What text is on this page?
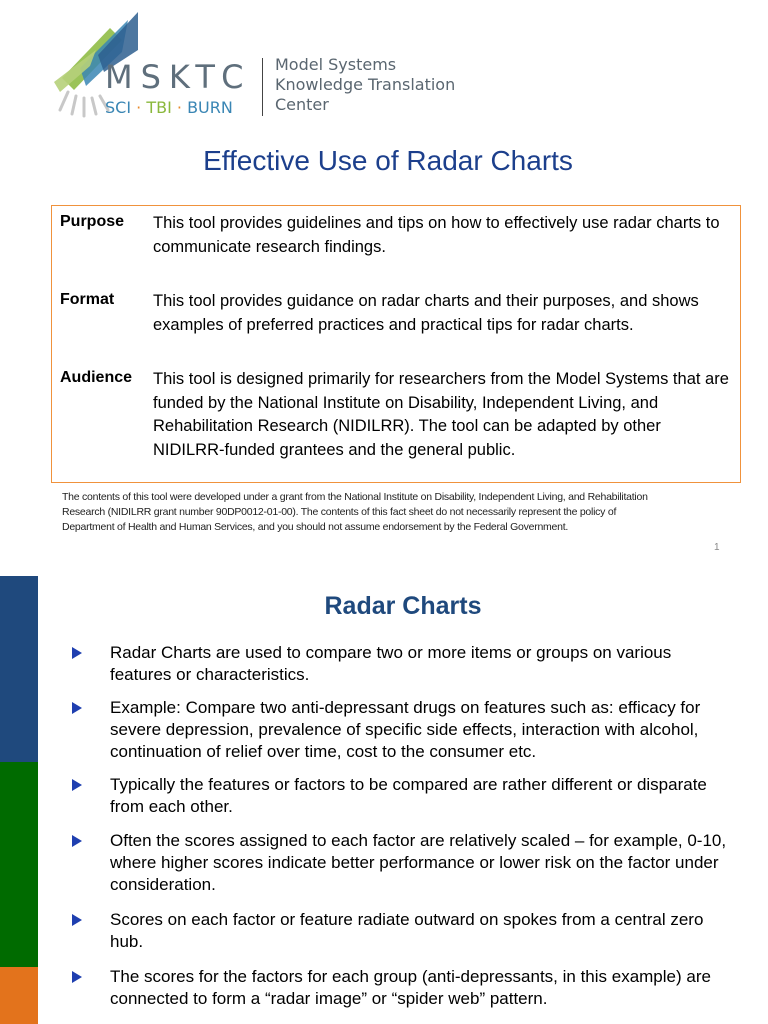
MSKTC
SCI · TBI · BURN
Model Systems
Knowledge Translation
Center
Effective Use of Radar Charts
Purpose This tool provides guidelines and tips on how to effectively use radar charts to communicate research findings.
Format This tool provides guidance on radar charts and their purposes, and shows examples of preferred practices and practical tips for radar charts.
Audience This tool is designed primarily for researchers from the Model Systems that are funded by the National Institute on Disability, Independent Living, and Rehabilitation Research (NIDILRR). The tool can be adapted by other NIDILRR-funded grantees and the general public.
The contents of this tool were developed under a grant from the National Institute on Disability, Independent Living, and Rehabilitation
Research (NIDILRR grant number 90DP0012-01-00). The contents of this fact sheet do not necessarily represent the policy of
Department of Health and Human Services, and you should not assume endorsement by the Federal Government.
1
Radar Charts
Radar Charts are used to compare two or more items or groups on various features or characteristics.
Example: Compare two anti-depressant drugs on features such as: efficacy for severe depression, prevalence of specific side effects, interaction with alcohol, continuation of relief over time, cost to the consumer etc.
Typically the features or factors to be compared are rather different or disparate from each other.
Often the scores assigned to each factor are relatively scaled – for example, 0-10, where higher scores indicate better performance or lower risk on the factor under consideration.
Scores on each factor or feature radiate outward on spokes from a central zero hub.
The scores for the factors for each group (anti-depressants, in this example) are connected to form a “radar image” or “spider web” pattern.
